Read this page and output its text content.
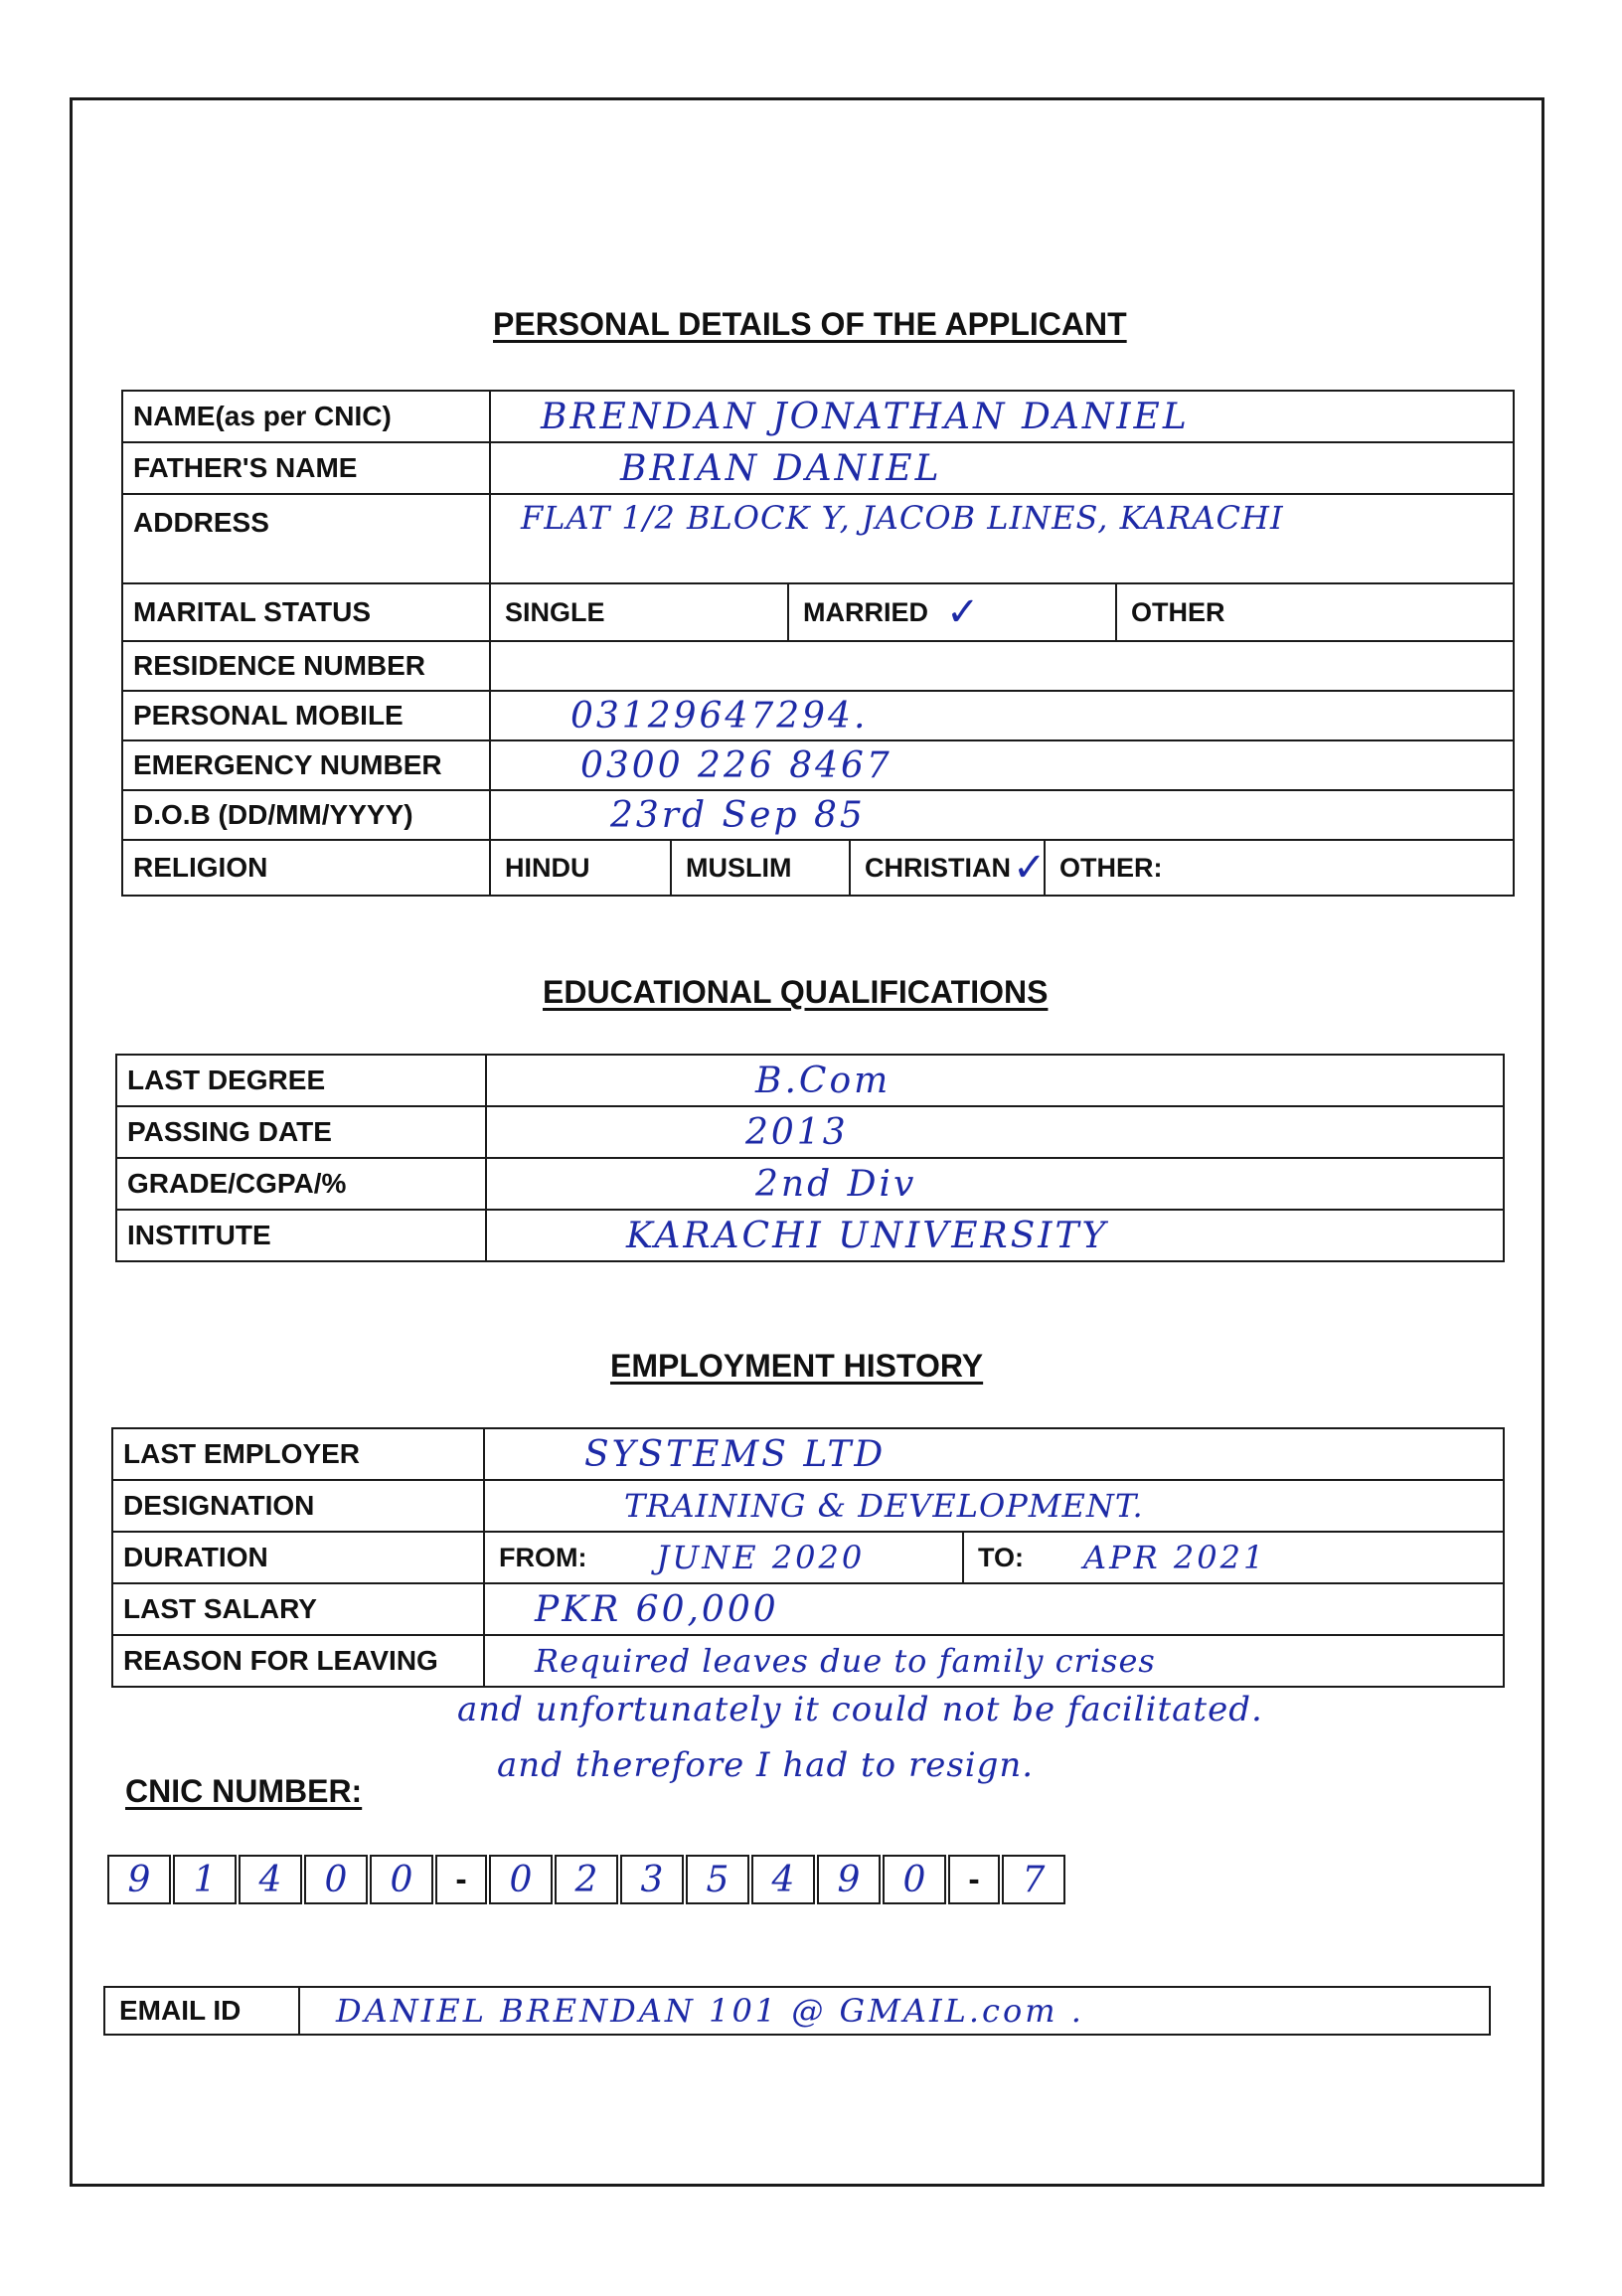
PERSONAL DETAILS OF THE APPLICANT
NAME(as per CNIC)	BRENDAN JONATHAN DANIEL
FATHER'S NAME	BRIAN DANIEL
ADDRESS	FLAT 1/2 BLOCK Y, JACOB LINES, KARACHI
MARITAL STATUS	SINGLE MARRIED ✓ OTHER

RESIDENCE NUMBER	
PERSONAL MOBILE	03129647294.
EMERGENCY NUMBER	0300 226 8467
D.O.B (DD/MM/YYYY)	23rd Sep 85
RELIGION	HINDU MUSLIM CHRISTIAN ✓ OTHER:
EDUCATIONAL QUALIFICATIONS
LAST DEGREE	B.Com
PASSING DATE	2013
GRADE/CGPA/%	2nd Div
INSTITUTE	KARACHI UNIVERSITY
EMPLOYMENT HISTORY
LAST EMPLOYER	SYSTEMS LTD
DESIGNATION	TRAINING & DEVELOPMENT.
DURATION	FROM: JUNE 2020 TO: APR 2021

LAST SALARY	PKR 60,000
REASON FOR LEAVING	Required leaves due to family crises
and unfortunately it could not be facilitated.
and therefore I had to resign.
CNIC NUMBER:
9	1	4	0	0	-	0	2	3	5	4	9	0	-	7
EMAIL ID	DANIEL BRENDAN 101 @ GMAIL.com .
